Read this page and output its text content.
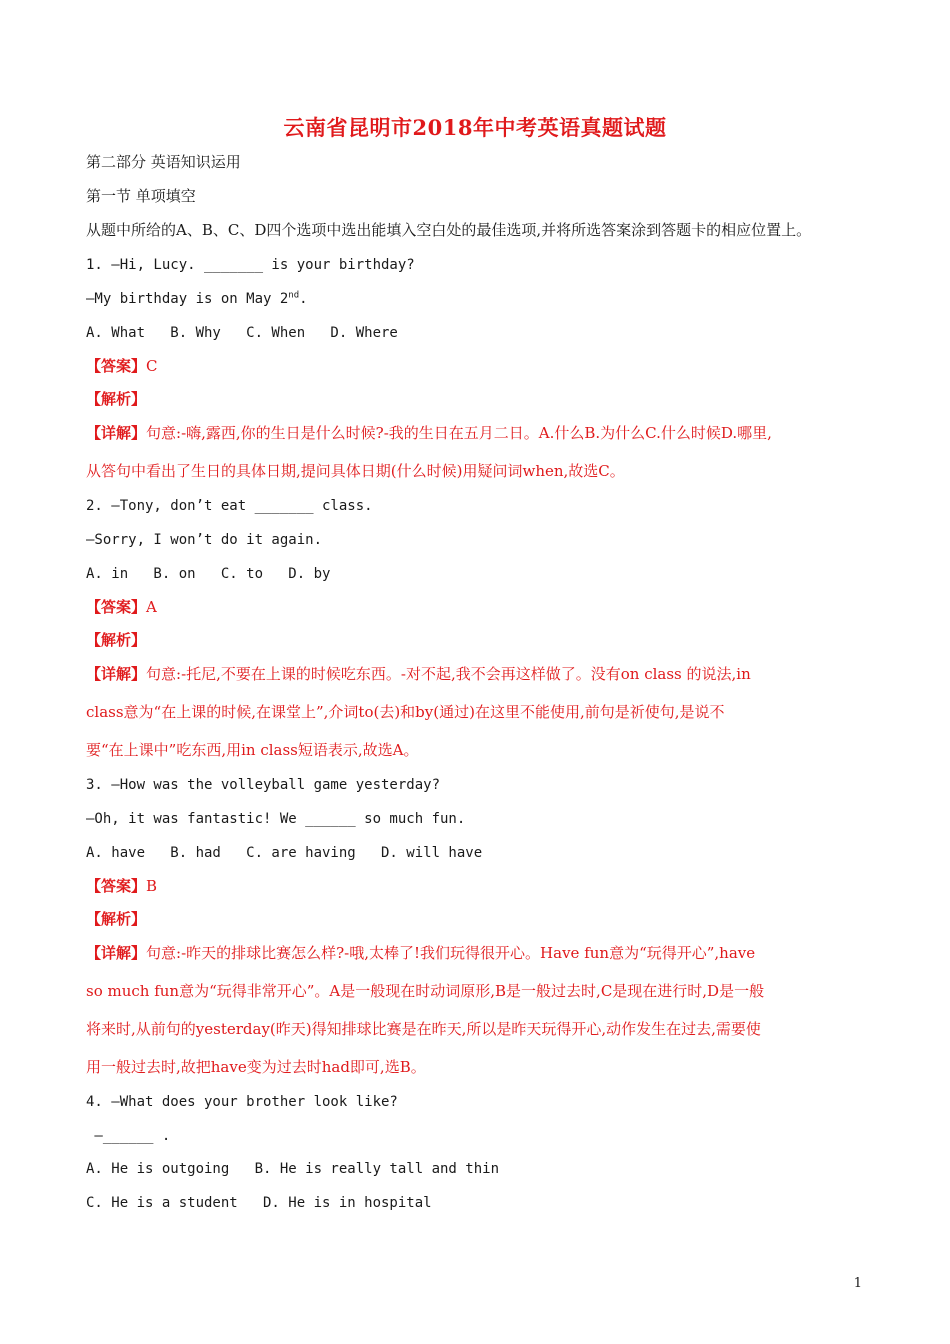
云南省昆明市2018年中考英语真题试题
第二部分 英语知识运用
第一节 单项填空
从题中所给的A、B、C、D四个选项中选出能填入空白处的最佳选项,并将所选答案涂到答题卡的相应位置上。
1. —Hi, Lucy. _______ is your birthday?
—My birthday is on May 2nd.
A. What   B. Why   C. When   D. Where
【答案】C
【解析】
【详解】句意:-嗨,露西,你的生日是什么时候?-我的生日在五月二日。A.什么B.为什么C.什么时候D.哪里,
从答句中看出了生日的具体日期,提问具体日期(什么时候)用疑问词when,故选C。
2. —Tony, don’t eat _______ class.
—Sorry, I won’t do it again.
A. in   B. on   C. to   D. by
【答案】A
【解析】
【详解】句意:-托尼,不要在上课的时候吃东西。-对不起,我不会再这样做了。没有on class 的说法,in
class意为“在上课的时候,在课堂上”,介词to(去)和by(通过)在这里不能使用,前句是祈使句,是说不
要“在上课中”吃东西,用in class短语表示,故选A。
3. —How was the volleyball game yesterday?
—Oh, it was fantastic! We ______ so much fun.
A. have   B. had   C. are having   D. will have
【答案】B
【解析】
【详解】句意:-昨天的排球比赛怎么样?-哦,太棒了!我们玩得很开心。Have fun意为“玩得开心”,have
so much fun意为“玩得非常开心”。A是一般现在时动词原形,B是一般过去时,C是现在进行时,D是一般
将来时,从前句的yesterday(昨天)得知排球比赛是在昨天,所以是昨天玩得开心,动作发生在过去,需要使
用一般过去时,故把have变为过去时had即可,选B。
4. —What does your brother look like?
—______ .
A. He is outgoing   B. He is really tall and thin
C. He is a student   D. He is in hospital
1
